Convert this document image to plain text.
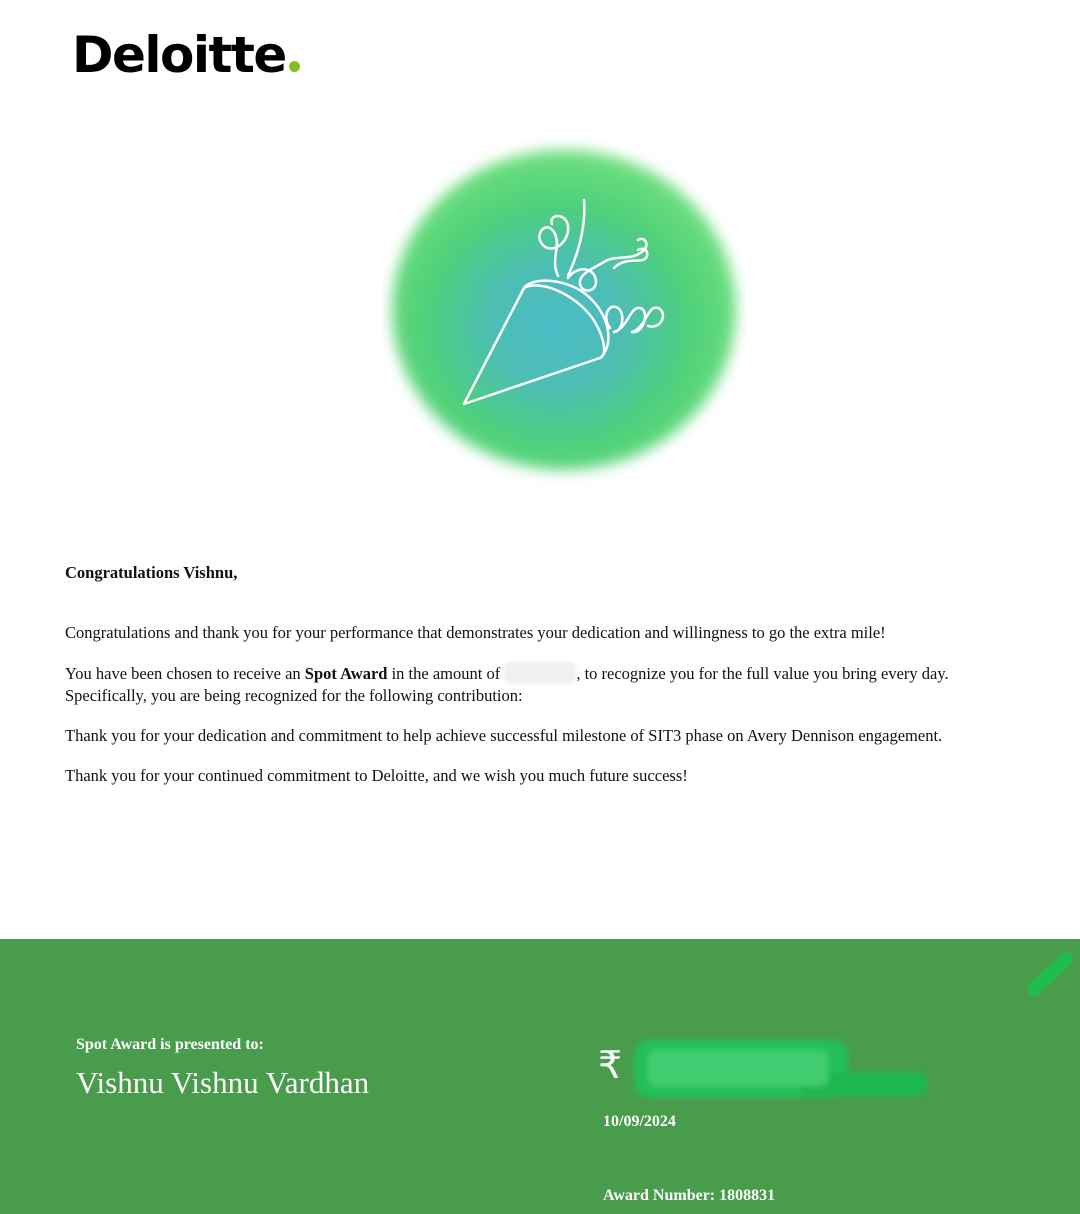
Deloitte
Congratulations Vishnu,

Congratulations and thank you for your performance that demonstrates your dedication and willingness to go the extra mile!

You have been chosen to receive an Spot Award in the amount of	, to recognize you for the full value you bring every day. Specifically, you are being recognized for the following contribution:

Thank you for your dedication and commitment to help achieve successful milestone of SIT3 phase on Avery Dennison engagement.

Thank you for your continued commitment to Deloitte, and we wish you much future success!

Spot Award is presented to:
Vishnu Vishnu Vardhan	₹
10/09/2024
Award Number: 1808831
